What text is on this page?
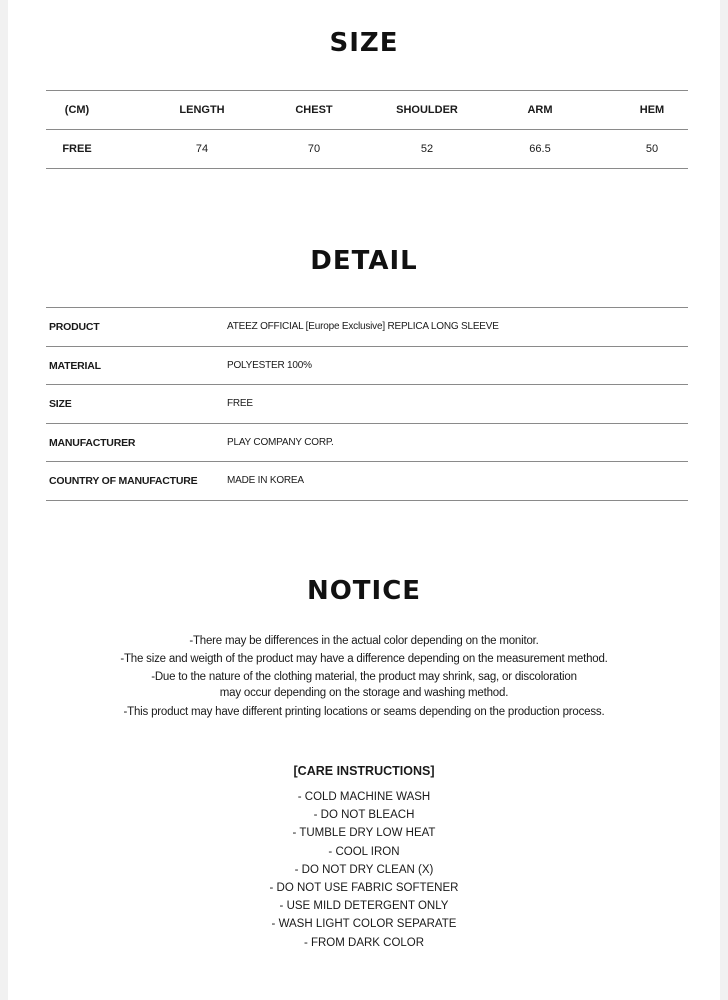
SIZE
(CM)	LENGTH	CHEST	SHOULDER	ARM	HEM
FREE	74	70	52	66.5	50
DETAIL
PRODUCT	ATEEZ OFFICIAL [Europe Exclusive] REPLICA LONG SLEEVE
MATERIAL	POLYESTER 100%
SIZE	FREE
MANUFACTURER	PLAY COMPANY CORP.
COUNTRY OF MANUFACTURE	MADE IN KOREA
NOTICE
-There may be differences in the actual color depending on the monitor.
-The size and weigth of the product may have a difference depending on the measurement method.
-Due to the nature of the clothing material, the product may shrink, sag, or discoloration
may occur depending on the storage and washing method.
-This product may have different printing locations or seams depending on the production process.
[CARE INSTRUCTIONS]
- COLD MACHINE WASH
- DO NOT BLEACH
- TUMBLE DRY LOW HEAT
- COOL IRON
- DO NOT DRY CLEAN (X)
- DO NOT USE FABRIC SOFTENER
- USE MILD DETERGENT ONLY
- WASH LIGHT COLOR SEPARATE
- FROM DARK COLOR
